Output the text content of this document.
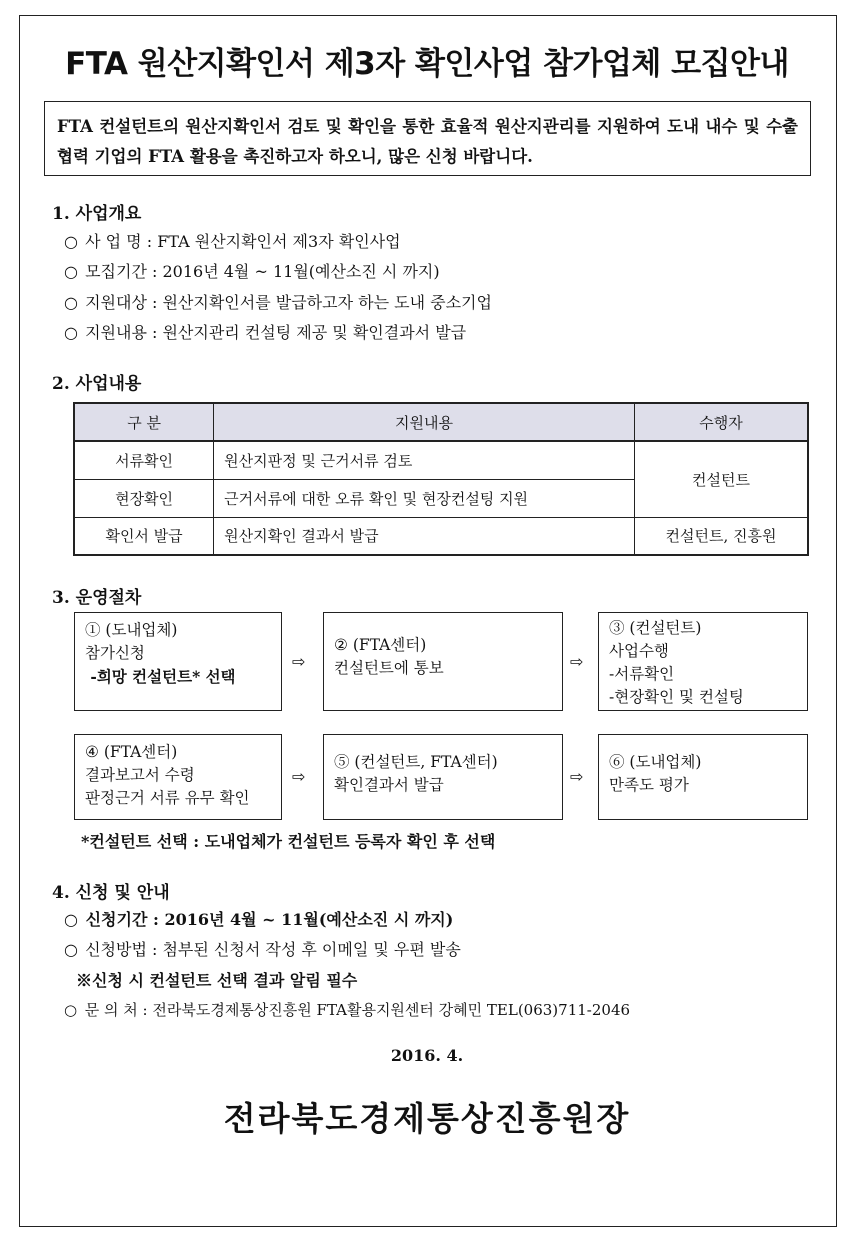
FTA 원산지확인서 제3자 확인사업 참가업체 모집안내
FTA 컨설턴트의 원산지확인서 검토 및 확인을 통한 효율적 원산지관리를 지원하여 도내 내수 및 수출협력 기업의 FTA 활용을 촉진하고자 하오니, 많은 신청 바랍니다.
1. 사업개요
○ 사 업 명 : FTA 원산지확인서 제3자 확인사업
○ 모집기간 : 2016년 4월 ~ 11월(예산소진 시 까지)
○ 지원대상 : 원산지확인서를 발급하고자 하는 도내 중소기업
○ 지원내용 : 원산지관리 컨설팅 제공 및 확인결과서 발급
2. 사업내용
구 분	지원내용	수행자
서류확인	원산지판정 및 근거서류 검토	컨설턴트
현장확인	근거서류에 대한 오류 확인 및 현장컨설팅 지원	
확인서 발급	원산지확인 결과서 발급	컨설턴트, 진흥원
3. 운영절차
① (도내업체)
참가신청
-희망 컨설턴트* 선택
⇨
② (FTA센터)
컨설턴트에 통보	⇨
③ (컨설턴트)
사업수행
-서류확인
-현장확인 및 컨설팅
④ (FTA센터)
결과보고서 수령
판정근거 서류 유무 확인
⇨
⑤ (컨설턴트, FTA센터)
확인결과서 발급	⇨
⑥ (도내업체)
만족도 평가
*컨설턴트 선택 : 도내업체가 컨설턴트 등록자 확인 후 선택
4. 신청 및 안내
○ 신청기간 : 2016년 4월 ~ 11월(예산소진 시 까지)
○ 신청방법 : 첨부된 신청서 작성 후 이메일 및 우편 발송
※신청 시 컨설턴트 선택 결과 알림 필수
○ 문 의 처 : 전라북도경제통상진흥원 FTA활용지원센터 강혜민 TEL(063)711-2046
2016. 4.
전라북도경제통상진흥원장
